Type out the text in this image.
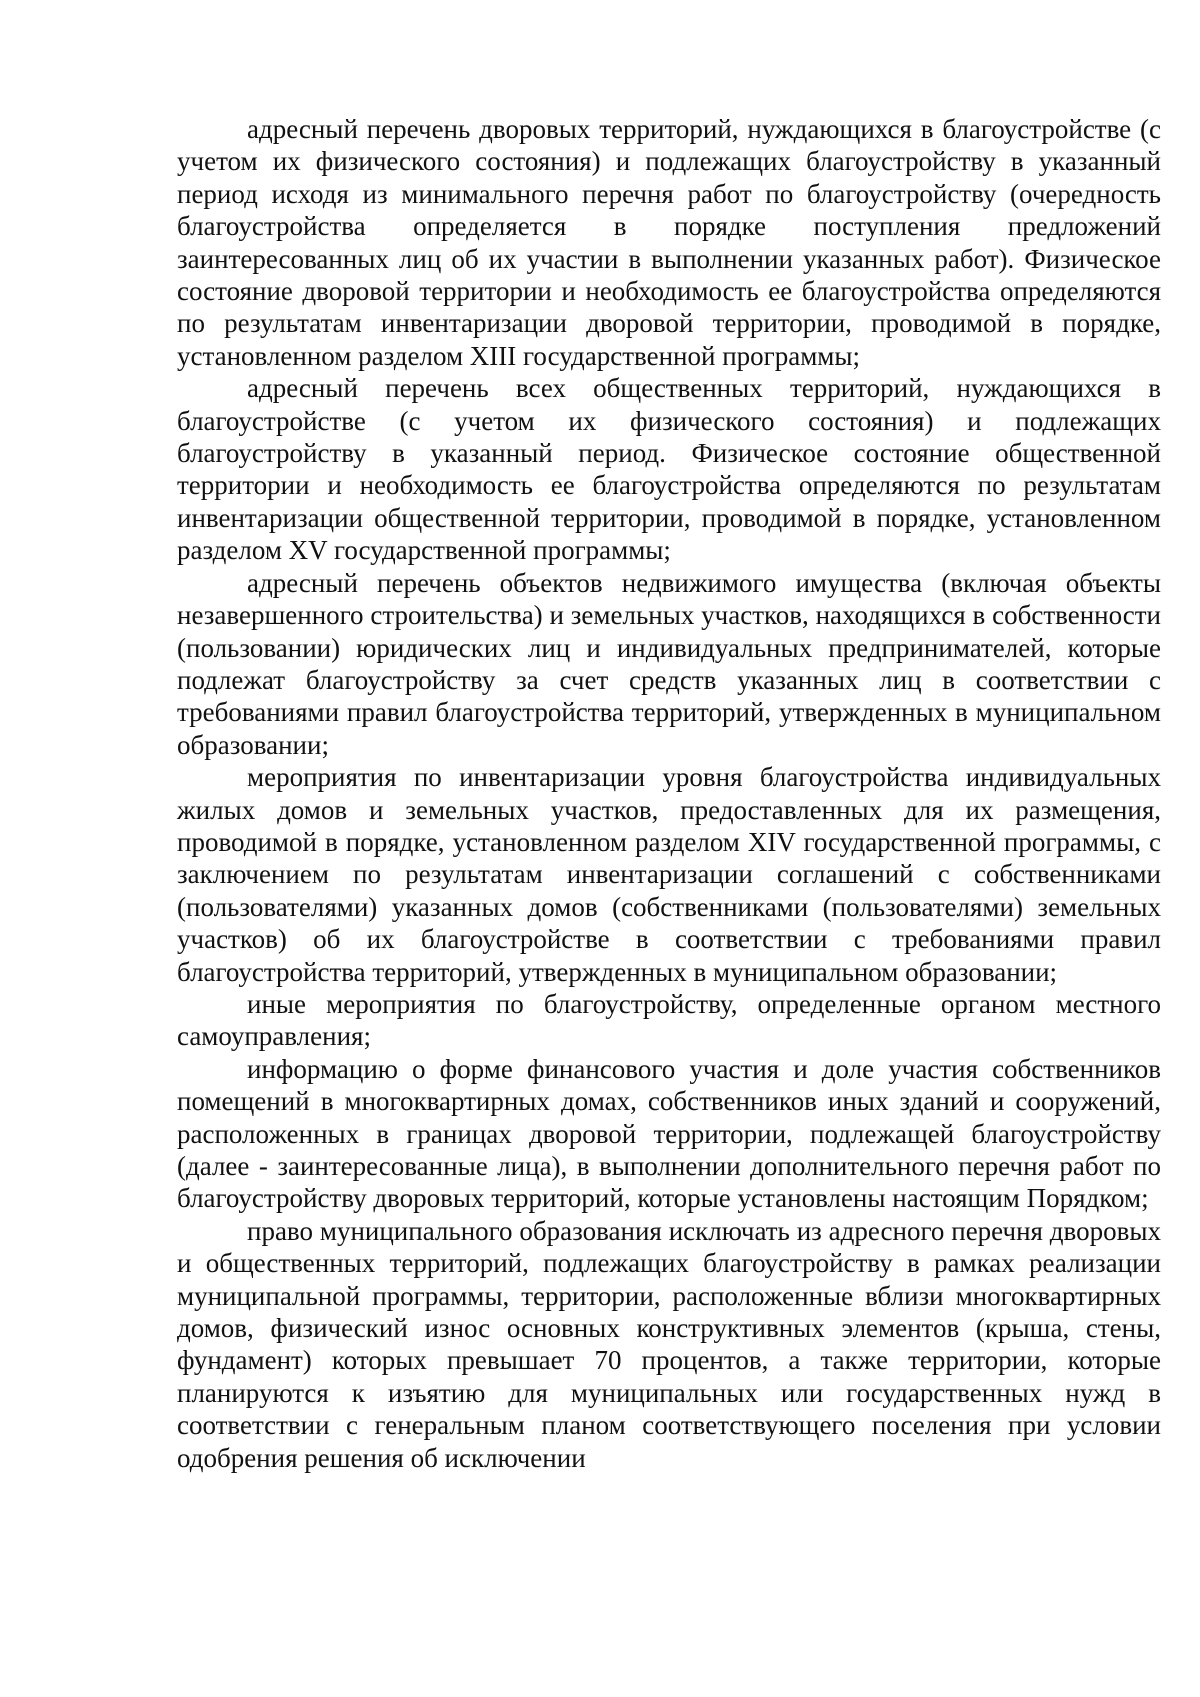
адресный перечень дворовых территорий, нуждающихся в благоустройстве (с учетом их физического состояния) и подлежащих благоустройству в указанный период исходя из минимального перечня работ по благоустройству (очередность благоустройства определяется в порядке поступления предложений заинтересованных лиц об их участии в выполнении указанных работ). Физическое состояние дворовой территории и необходимость ее благоустройства определяются по результатам инвентаризации дворовой территории, проводимой в порядке, установленном разделом XIII государственной программы;

адресный перечень всех общественных территорий, нуждающихся в благоустройстве (с учетом их физического состояния) и подлежащих благоустройству в указанный период. Физическое состояние общественной территории и необходимость ее благоустройства определяются по результатам инвентаризации общественной территории, проводимой в порядке, установленном разделом XV государственной программы;

адресный перечень объектов недвижимого имущества (включая объекты незавершенного строительства) и земельных участков, находящихся в собственности (пользовании) юридических лиц и индивидуальных предпринимателей, которые подлежат благоустройству за счет средств указанных лиц в соответствии с требованиями правил благоустройства территорий, утвержденных в муниципальном образовании;

мероприятия по инвентаризации уровня благоустройства индивидуальных жилых домов и земельных участков, предоставленных для их размещения, проводимой в порядке, установленном разделом XIV государственной программы, с заключением по результатам инвентаризации соглашений с собственниками (пользователями) указанных домов (собственниками (пользователями) земельных участков) об их благоустройстве в соответствии с требованиями правил благоустройства территорий, утвержденных в муниципальном образовании;

иные мероприятия по благоустройству, определенные органом местного самоуправления;

информацию о форме финансового участия и доле участия собственников помещений в многоквартирных домах, собственников иных зданий и сооружений, расположенных в границах дворовой территории, подлежащей благоустройству (далее - заинтересованные лица), в выполнении дополнительного перечня работ по благоустройству дворовых территорий, которые установлены настоящим Порядком;

право муниципального образования исключать из адресного перечня дворовых и общественных территорий, подлежащих благоустройству в рамках реализации муниципальной программы, территории, расположенные вблизи многоквартирных домов, физический износ основных конструктивных элементов (крыша, стены, фундамент) которых превышает 70 процентов, а также территории, которые планируются к изъятию для муниципальных или государственных нужд в соответствии с генеральным планом соответствующего поселения при условии одобрения решения об исключении
